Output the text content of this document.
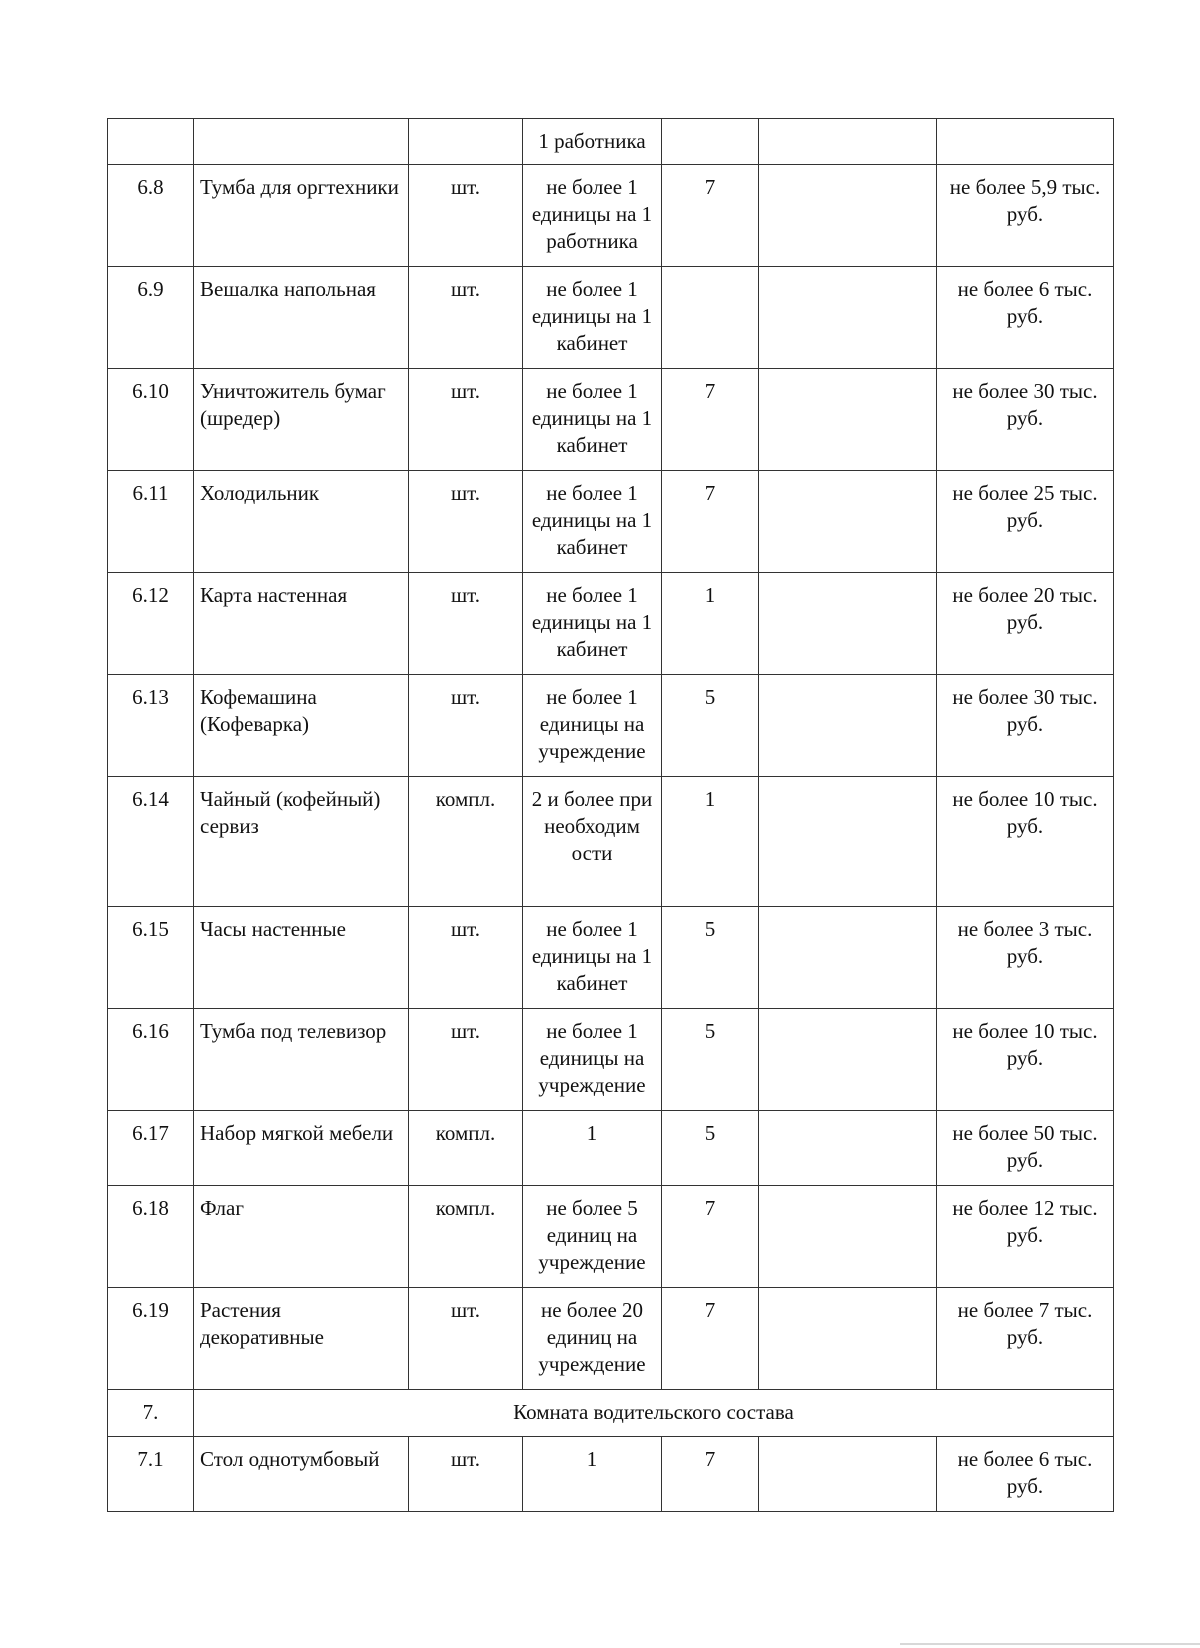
			1 работника			

6.8	Тумба для оргтехники	шт.	не более 1 единицы на 1 работника	7		не более 5,9 тыс. руб.

6.9	Вешалка напольная	шт.	не более 1 единицы на 1 кабинет			не более 6 тыс. руб.

6.10	Уничтожитель бумаг (шредер)	шт.	не более 1 единицы на 1 кабинет	7		не более 30 тыс. руб.

6.11	Холодильник	шт.	не более 1 единицы на 1 кабинет	7		не более 25 тыс. руб.

6.12	Карта настенная	шт.	не более 1 единицы на 1 кабинет	1		не более 20 тыс. руб.

6.13	Кофемашина (Кофеварка)	шт.	не более 1 единицы на учреждение	5		не более 30 тыс. руб.

6.14	Чайный (кофейный) сервиз	компл.	2 и более при необходим ости	1		не более 10 тыс. руб.

6.15	Часы настенные	шт.	не более 1 единицы на 1 кабинет	5		не более 3 тыс. руб.

6.16	Тумба под телевизор	шт.	не более 1 единицы на учреждение	5		не более 10 тыс. руб.

6.17	Набор мягкой мебели	компл.	1	5		не более 50 тыс. руб.

6.18	Флаг	компл.	не более 5 единиц на учреждение	7		не более 12 тыс. руб.

6.19	Растения декоративные	шт.	не более 20 единиц на учреждение	7		не более 7 тыс. руб.

7.	Комната водительского состава					

7.1	Стол однотумбовый	шт.	1	7		не более 6 тыс. руб.
